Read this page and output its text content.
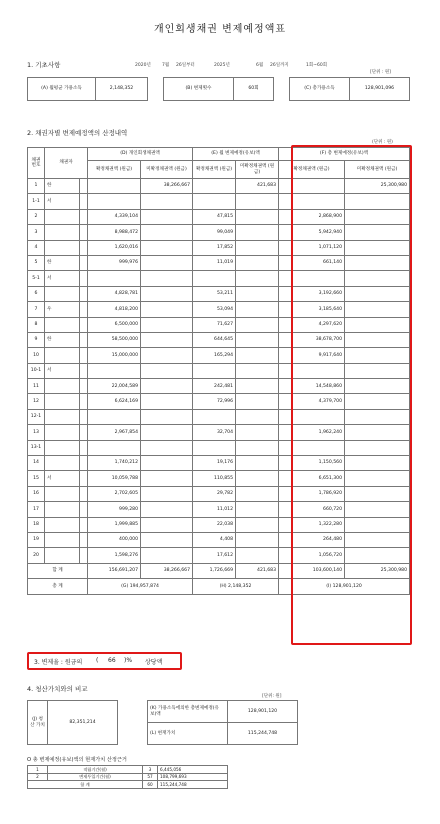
개인회생채권 변제예정액표
1. 기초사항	2020년 7월 26일부터	2025년	6월 26일까지	1회~60회
[단위 : 원]
(A) 월평균 가용소득	2,148,352		(B) 변제횟수	60회		(C) 총가용소득	128,901,096
2. 채권자별 변제예정액의 산정내역
(단위 : 원)
채권 번호	채권자		(D) 개인회생채권액		(E) 월 변제예정(유보)액		(F) 총 변제예정(유보)액	
			확정채권액 (원금)	미확정채권액 (원금)	확정채권액 (원금)	미확정채권액 (원금)	확정채권액 (원금)	미확정채권액 (원금)
1	한			38,266,667		421,683		25,300,980
1-1	서							
2			4,339,104		47,815		2,868,900	
3			8,988,472		99,049		5,942,940	
4			1,620,016		17,852		1,071,120	
5	한		999,976		11,019		661,140	
5-1	서							
6			4,828,781		53,211		3,192,660	
7	우		4,818,200		53,094		3,185,640	
8			6,500,000		71,627		4,297,620	
9	한		58,500,000		644,645		38,678,700	
10			15,000,000		165,294		9,917,640	
10-1	서							
11			22,004,589		242,481		14,548,860	
12			6,624,169		72,996		4,379,700	
12-1								
13			2,967,854		32,704		1,962,240	
13-1								
14			1,740,212		19,176		1,150,560	
15	서		10,059,788		110,855		6,651,300	
16			2,702,605		29,782		1,786,920	
17			999,280		11,012		660,720	
18			1,999,885		22,038		1,322,280	
19			400,000		4,408		264,480	
20			1,598,276		17,612		1,056,720	
합 계			156,691,207	38,266,667	1,726,669	421,683	103,600,140	25,300,980
총 계			(G) 194,957,874		(H) 2,148,352		(I) 128,901,120	
3. 변제율 : 원금의 ( 66 )% 상당액
4. 청산가치와의 비교
[단위: 원]
(J) 청산 가치	82,351,214		(K) 가용소득에의한 총변제예정(유보)액	128,901,120
			(L) 현재가치	115,244,748
O 총 변제예정(유보)액의 현재가치 산정근거
1	적립기간(월)	3	6,445,056
2	변제투입기간(월)	57	108,799,693
합 계		60	115,244,748
